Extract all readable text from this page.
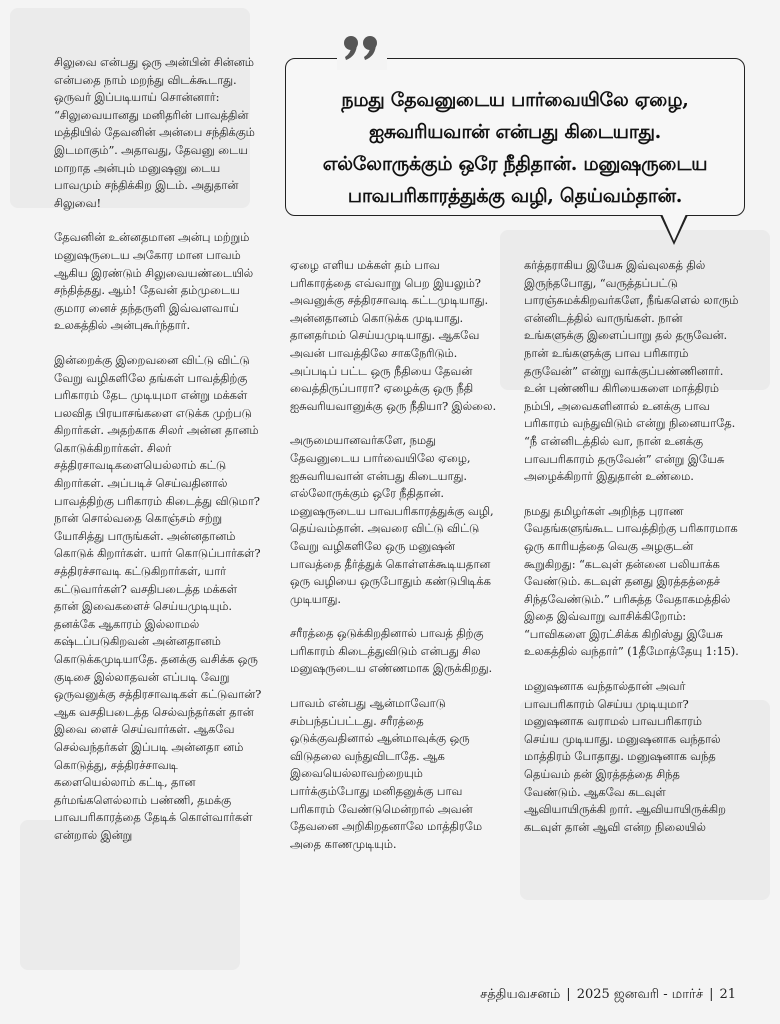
சிலுவை என்பது ஒரு அன்பின் சின்னம் என்பதை நாம் மறந்து விடக்கூடாது. ஒருவர் இப்படியாய் சொன்னார்: “சிலுவையானது மனிதரின் பாவத்தின் மத்தியில் தேவனின் அன்பை சந்திக்கும் இடமாகும்”. அதாவது, தேவனு டைய மாறாத அன்பும் மனுஷனு டைய பாவமும் சந்திக்கிற இடம். அதுதான் சிலுவை!

தேவனின் உன்னதமான அன்பு மற்றும் மனுஷருடைய அகோர மான பாவம் ஆகிய இரண்டும் சிலுவையண்டையில் சந்தித்தது. ஆம்! தேவன் தம்முடைய குமார னைச் தந்தருளி இவ்வளவாய் உலகத்தில் அன்புகூர்ந்தார்.

இன்றைக்கு இறைவனை விட்டு விட்டு வேறு வழிகளிலே தங்கள் பாவத்திற்கு பரிகாரம் தேட முடியுமா என்று மக்கள் பலவித பிரயாசங்களை எடுக்க முற்படு கிறார்கள். அதற்காக சிலர் அன்ன தானம் கொடுக்கிறார்கள். சிலர் சத்திரசாவடிகளையெல்லாம் கட்டு கிறார்கள். அப்படிச் செய்வதினால் பாவத்திற்கு பரிகாரம் கிடைத்து விடுமா? நான் சொல்வதை கொஞ்சம் சற்று யோசித்து பாருங்கள். அன்னதானம் கொடுக் கிறார்கள். யார் கொடுப்பார்கள்? சத்திரச்சாவடி கட்டுகிறார்கள், யார் கட்டுவார்கள்? வசதிபடைத்த மக்கள் தான் இவைகளைச் செய்யமுடியும். தனக்கே ஆகாரம் இல்லாமல் கஷ்டப்படுகிறவன் அன்னதானம் கொடுக்கமுடியாதே. தனக்கு வசிக்க ஒரு குடிசை இல்லாதவன் எப்படி வேறு ஒருவனுக்கு சத்திரசாவடிகள் கட்டுவான்? ஆக வசதிபடைத்த செல்வந்தர்கள் தான் இவை ளைச் செய்வார்கள். ஆகவே செல்வந்தர்கள் இப்படி அன்னதா னம் கொடுத்து, சத்திரச்சாவடி களையெல்லாம் கட்டி, தான தர்மங்களெல்லாம் பண்ணி, தமக்கு பாவபரிகாரத்தை தேடிக் கொள்வார்கள் என்றால் இன்று

நமது தேவனுடைய பார்வையிலே ஏழை,
ஐசுவரியவான் என்பது கிடையாது.
எல்லோருக்கும் ஒரே நீதிதான். மனுஷருடைய
பாவபரிகாரத்துக்கு வழி, தெய்வம்தான்.

ஏழை எளிய மக்கள் தம் பாவ பரிகாரத்தை எவ்வாறு பெற இயலும்? அவனுக்கு சத்திரசாவடி கட்டமுடியாது. அன்னதானம் கொடுக்க முடியாது. தானதர்மம் செய்யமுடியாது. ஆகவே அவன் பாவத்திலே சாகநேரிடும். அப்படிப் பட்ட ஒரு நீதியை தேவன் வைத்திருப்பாரா? ஏழைக்கு ஒரு நீதி ஐசுவரியவானுக்கு ஒரு நீதியா? இல்லை.

அருமையானவர்களே, நமது தேவனுடைய பார்வையிலே ஏழை, ஐசுவரியவான் என்பது கிடையாது. எல்லோருக்கும் ஒரே நீதிதான். மனுஷருடைய பாவபரிகாரத்துக்கு வழி, தெய்வம்தான். அவரை விட்டு விட்டு வேறு வழிகளிலே ஒரு மனுஷன் பாவத்தை தீர்த்துக் கொள்ளக்கூடியதான ஒரு வழியை ஒருபோதும் கண்டுபிடிக்க முடியாது.

சரீரத்தை ஒடுக்கிறதினால் பாவத் திற்கு பரிகாரம் கிடைத்துவிடும் என்பது சில மனுஷருடைய எண்ணமாக இருக்கிறது.

பாவம் என்பது ஆன்மாவோடு சம்பந்தப்பட்டது. சரீரத்தை ஒடுக்குவதினால் ஆன்மாவுக்கு ஒரு விடுதலை வந்துவிடாதே. ஆக இவையெல்லாவற்றையும் பார்க்கும்போது மனிதனுக்கு பாவ பரிகாரம் வேண்டுமென்றால் அவன் தேவனை அறிகிறதனாலே மாத்திரமே அதை காணமுடியும்.

கர்த்தராகிய இயேசு இவ்வுலகத் தில் இருந்தபோது, “வருத்தப்பட்டு பாரஞ்சுமக்கிறவர்களே, நீங்களெல் லாரும் என்னிடத்தில் வாருங்கள். நான் உங்களுக்கு இளைப்பாறு தல் தருவேன். நான் உங்களுக்கு பாவ பரிகாரம் தருவேன்” என்று வாக்குப்பண்ணினார். உன் புண்ணிய கிரியைகளை மாத்திரம் நம்பி, அவைகளினால் உனக்கு பாவ பரிகாரம் வந்துவிடும் என்று நினையாதே. “நீ என்னிடத்தில் வா, நான் உனக்கு பாவபரிகாரம் தருவேன்” என்று இயேசு அழைக்கிறார் இதுதான் உண்மை.

நமது தமிழர்கள் அறிந்த புராண வேதங்களுங்கூட பாவத்திற்கு பரிகாரமாக ஒரு காரியத்தை வெகு அழகுடன் கூறுகிறது: “கடவுள் தன்னை பலியாக்க வேண்டும். கடவுள் தனது இரத்தத்தைச் சிந்தவேண்டும்.” பரிசுத்த வேதாகமத்தில் இதை இவ்வாறு வாசிக்கிறோம்: “பாவிகளை இரட்சிக்க கிறிஸ்து இயேசு உலகத்தில் வந்தார்” (1தீமோத்தேயு 1:15).

மனுஷனாக வந்தால்தான் அவர் பாவபரிகாரம் செய்ய முடியுமா? மனுஷனாக வராமல் பாவபரிகாரம் செய்ய முடியாது. மனுஷனாக வந்தால் மாத்திரம் போதாது. மனுஷனாக வந்த தெய்வம் தன் இரத்தத்தை சிந்த வேண்டும். ஆகவே கடவுள் ஆவியாயிருக்கி றார். ஆவியாயிருக்கிற கடவுள் தான் ஆவி என்ற நிலையில்

சத்தியவசனம் | 2025 ஜனவரி - மார்ச் | 21
